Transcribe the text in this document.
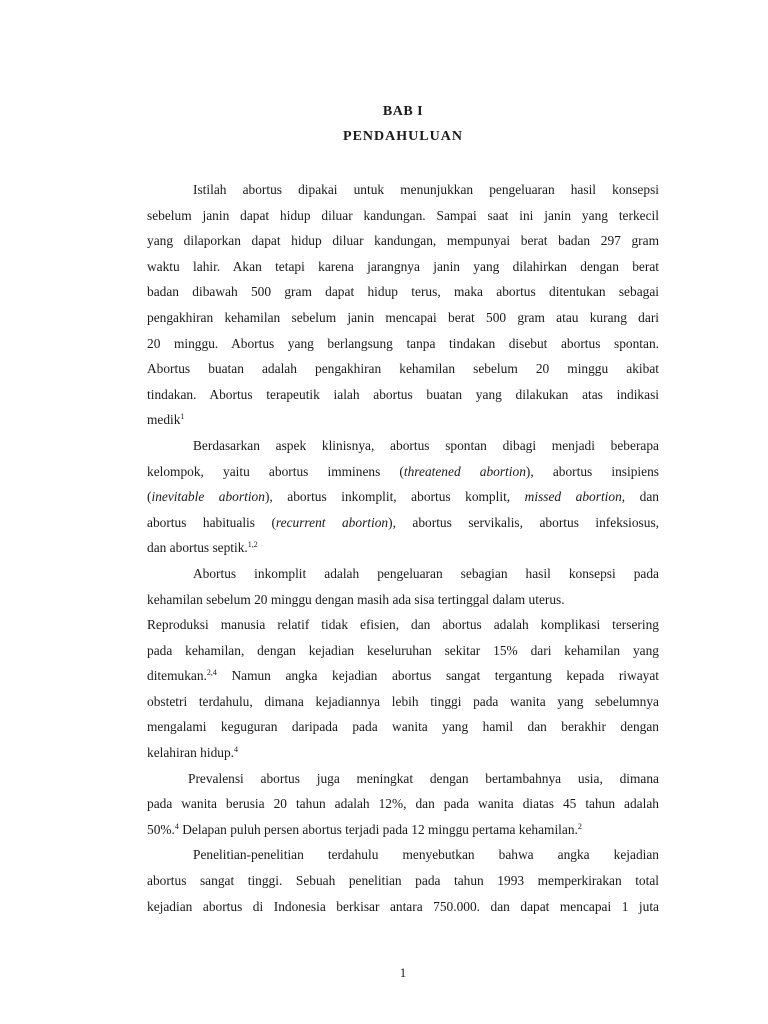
BAB I

PENDAHULUAN

Istilah abortus dipakai untuk menunjukkan pengeluaran hasil konsepsi
sebelum janin dapat hidup diluar kandungan. Sampai saat ini janin yang terkecil
yang dilaporkan dapat hidup diluar kandungan, mempunyai berat badan 297 gram
waktu lahir. Akan tetapi karena jarangnya janin yang dilahirkan dengan berat
badan dibawah 500 gram dapat hidup terus, maka abortus ditentukan sebagai
pengakhiran kehamilan sebelum janin mencapai berat 500 gram atau kurang dari
20 minggu. Abortus yang berlangsung tanpa tindakan disebut abortus spontan.
Abortus buatan adalah pengakhiran kehamilan sebelum 20 minggu akibat
tindakan. Abortus terapeutik ialah abortus buatan yang dilakukan atas indikasi
medik$^1$
Berdasarkan aspek klinisnya, abortus spontan dibagi menjadi beberapa
kelompok, yaitu abortus imminens (threatened abortion), abortus insipiens
(inevitable abortion), abortus inkomplit, abortus komplit, missed abortion, dan
abortus habitualis (recurrent abortion), abortus servikalis, abortus infeksiosus,
dan abortus septik.$^{1,2}$
Abortus inkomplit adalah pengeluaran sebagian hasil konsepsi pada
kehamilan sebelum 20 minggu dengan masih ada sisa tertinggal dalam uterus.
Reproduksi manusia relatif tidak efisien, dan abortus adalah komplikasi tersering
pada kehamilan, dengan kejadian keseluruhan sekitar 15% dari kehamilan yang
ditemukan.$^{2,4}$ Namun angka kejadian abortus sangat tergantung kepada riwayat
obstetri terdahulu, dimana kejadiannya lebih tinggi pada wanita yang sebelumnya
mengalami keguguran daripada pada wanita yang hamil dan berakhir dengan
kelahiran hidup.$^4$
Prevalensi abortus juga meningkat dengan bertambahnya usia, dimana
pada wanita berusia 20 tahun adalah 12%, dan pada wanita diatas 45 tahun adalah
50%.$^4$ Delapan puluh persen abortus terjadi pada 12 minggu pertama kehamilan.$^2$
Penelitian-penelitian terdahulu menyebutkan bahwa angka kejadian
abortus sangat tinggi. Sebuah penelitian pada tahun 1993 memperkirakan total
kejadian abortus di Indonesia berkisar antara 750.000. dan dapat mencapai 1 juta
1
